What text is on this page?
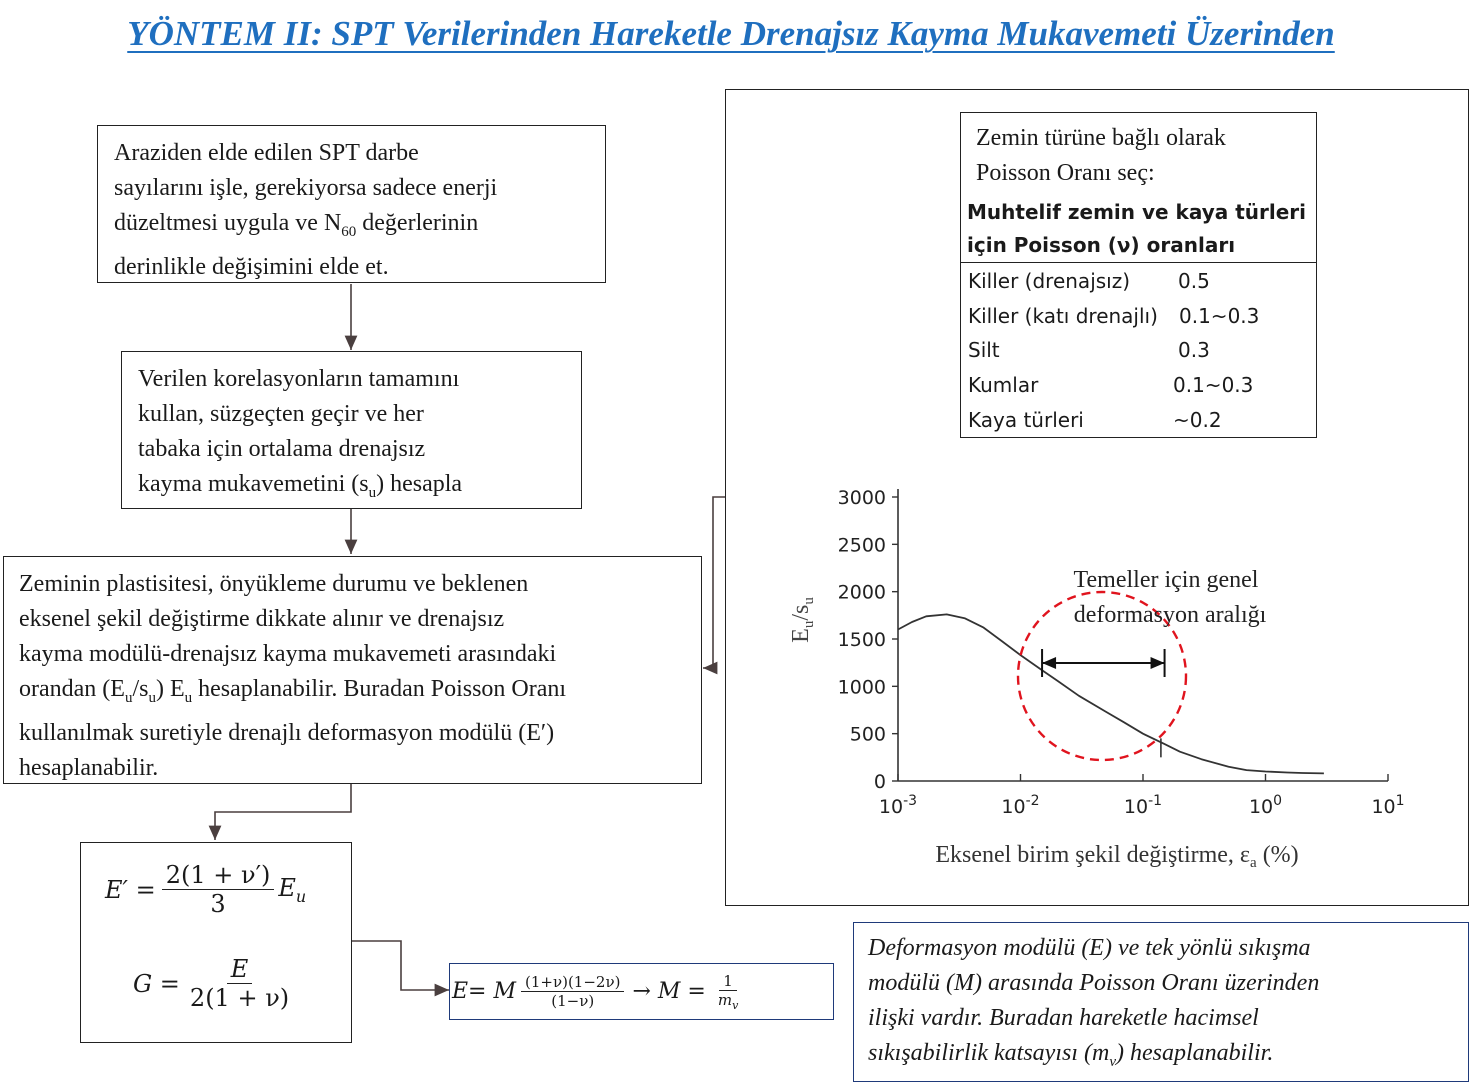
YÖNTEM II: SPT Verilerinden Hareketle Drenajsız Kayma Mukavemeti Üzerinden
Araziden elde edilen SPT darbe
sayılarını işle, gerekiyorsa sadece enerji
düzeltmesi uygula ve $N_{60}$ değerlerinin
derinlikle değişimini elde et.
Verilen korelasyonların tamamını
kullan, süzgeçten geçir ve her
tabaka için ortalama drenajsız
kayma mukavemetini $(s_u)$ hesapla
Zeminin plastisitesi, önyükleme durumu ve beklenen
eksenel şekil değiştirme dikkate alınır ve drenajsız
kayma modülü-drenajsız kayma mukavemeti arasındaki
orandan $(E_u/s_u)$ $E_u$ hesaplanabilir. Buradan Poisson Oranı
kullanılmak suretiyle drenajlı deformasyon modülü (E′)
hesaplanabilir.
$E' = \frac{2(1 + \nu')}{3} E_u$
$G = \frac{E}{2(1 + \nu)}$	E= M $\frac{(1+\nu)(1-2\nu)}{(1-\nu)} \to M = \frac{1}{m_v}$
Zemin türüne bağlı olarak
Poisson Oranı seç:
Muhtelif zemin ve kaya türleri
için Poisson (ν) oranları
Killer (drenajsız) 0.5
Killer (katı drenajlı) 0.1~0.3
Silt	0.3
Kumlar	0.1~0.3
Kaya türleri	~0.2
3000
2500
2000
1500
1000
500
0
$10^{-3}$	$10^{-2}$	$10^{-1}$	$10^0$	$10^1$
Temeller için genel
deformasyon aralığı
$E_u/s_u$
Eksenel birim şekil değiştirme, $\varepsilon_a$ (%)
Deformasyon modülü (E) ve tek yönlü sıkışma
modülü (M) arasında Poisson Oranı üzerinden
ilişki vardır. Buradan hareketle hacimsel
sıkışabilirlik katsayısı $(m_v)$ hesaplanabilir.
